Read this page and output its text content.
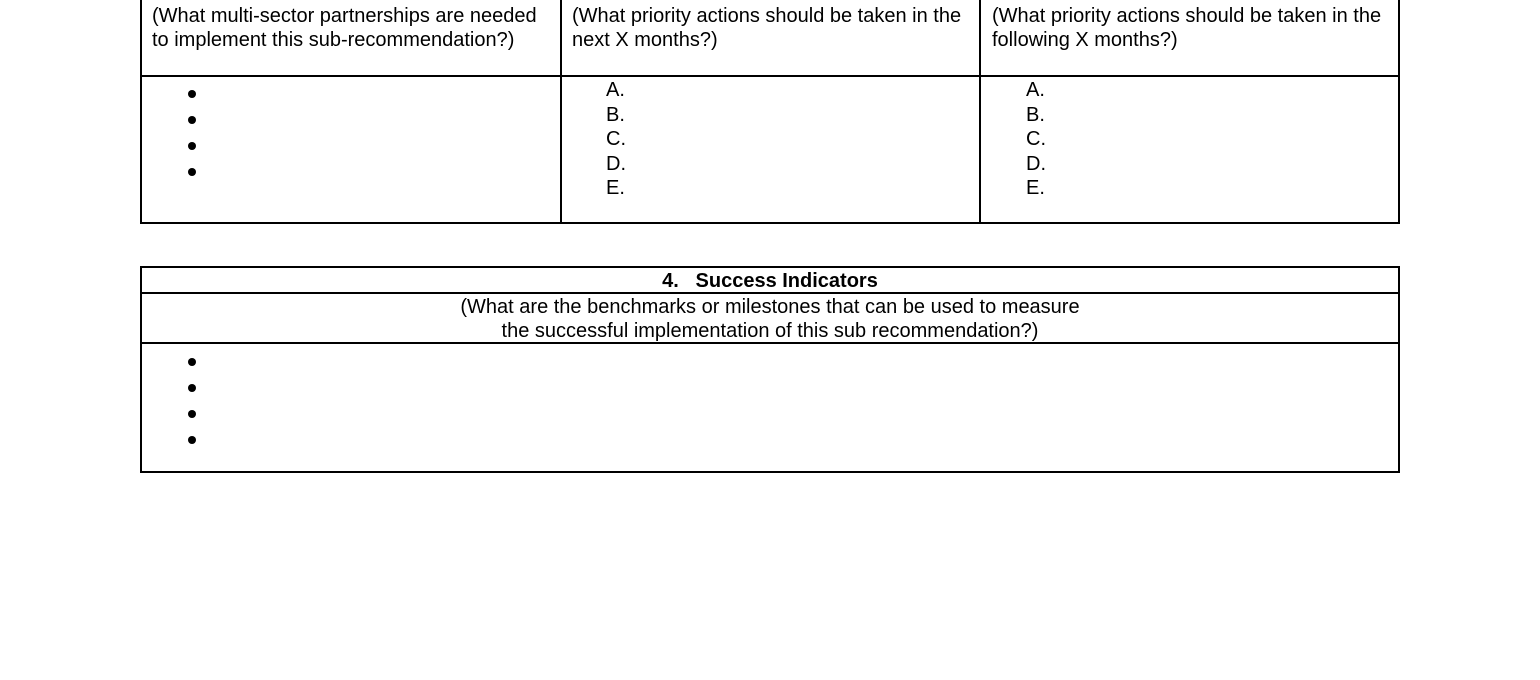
(What multi-sector partnerships are needed to implement this sub-recommendation?)
(What priority actions should be taken in the next X months?)
(What priority actions should be taken in the following X months?)
A.
B.
C.
D.
E.
A.
B.
C.
D.
E.
4. Success Indicators
(What are the benchmarks or milestones that can be used to measure
the successful implementation of this sub recommendation?)
